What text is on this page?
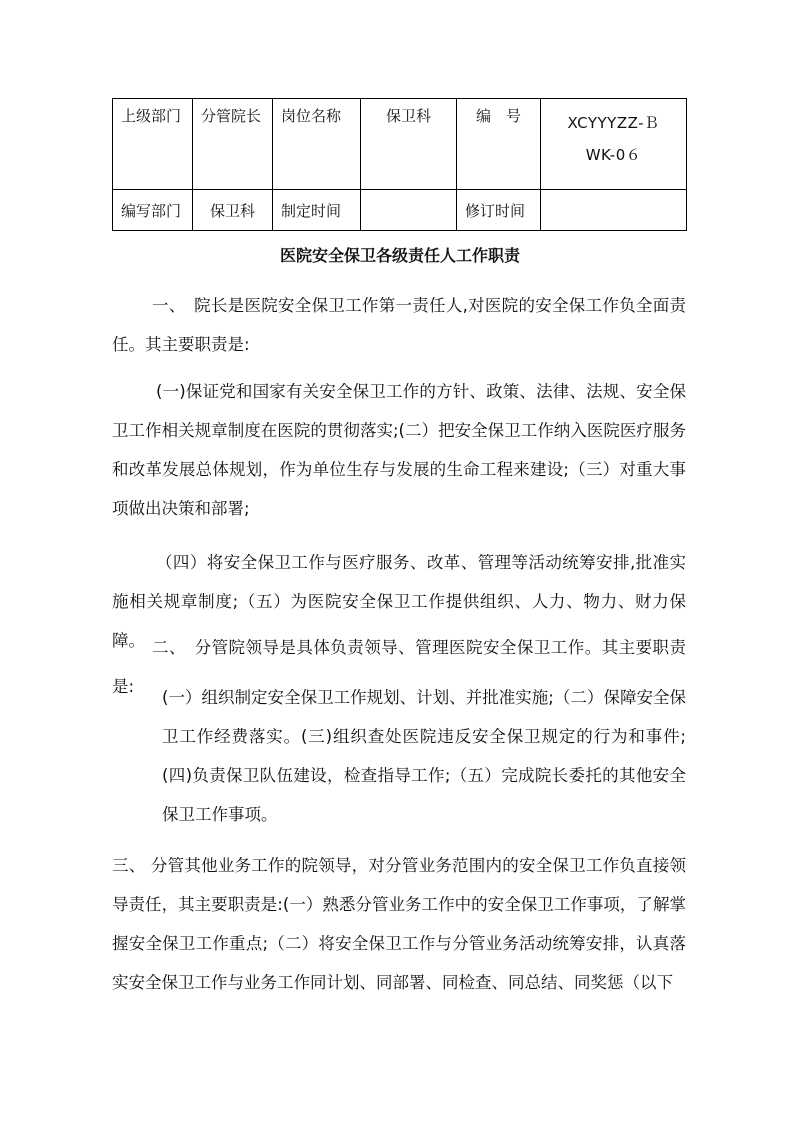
上级部门	分管院长	岗位名称	保卫科	编　号	XCYYYZZ-Ｂ
WK-0６

编写部门	保卫科	制定时间		修订时间	
医院安全保卫各级责任人工作职责

一、　院长是医院安全保卫工作第一责任人,对医院的安全保工作负全面责任。其主要职责是:

(一)保证党和国家有关安全保卫工作的方针、政策、法律、法规、安全保卫工作相关规章制度在医院的贯彻落实;(二）把安全保卫工作纳入医院医疗服务和改革发展总体规划，作为单位生存与发展的生命工程来建设;（三）对重大事项做出决策和部署;

（四）将安全保卫工作与医疗服务、改革、管理等活动统筹安排,批准实施相关规章制度;（五）为医院安全保卫工作提供组织、人力、物力、财力保障。 二、　分管院领导是具体负责领导、管理医院安全保卫工作。其主要职责是:

(一）组织制定安全保卫工作规划、计划、并批准实施;（二）保障安全保卫工作经费落实。(三)组织查处医院违反安全保卫规定的行为和事件;(四)负责保卫队伍建设，检查指导工作;（五）完成院长委托的其他安全保卫工作事项。

三、 分管其他业务工作的院领导，对分管业务范围内的安全保卫工作负直接领导责任，其主要职责是:(一）熟悉分管业务工作中的安全保卫工作事项，了解掌握安全保卫工作重点;（二）将安全保卫工作与分管业务活动统筹安排，认真落实安全保卫工作与业务工作同计划、同部署、同检查、同总结、同奖惩（以下
